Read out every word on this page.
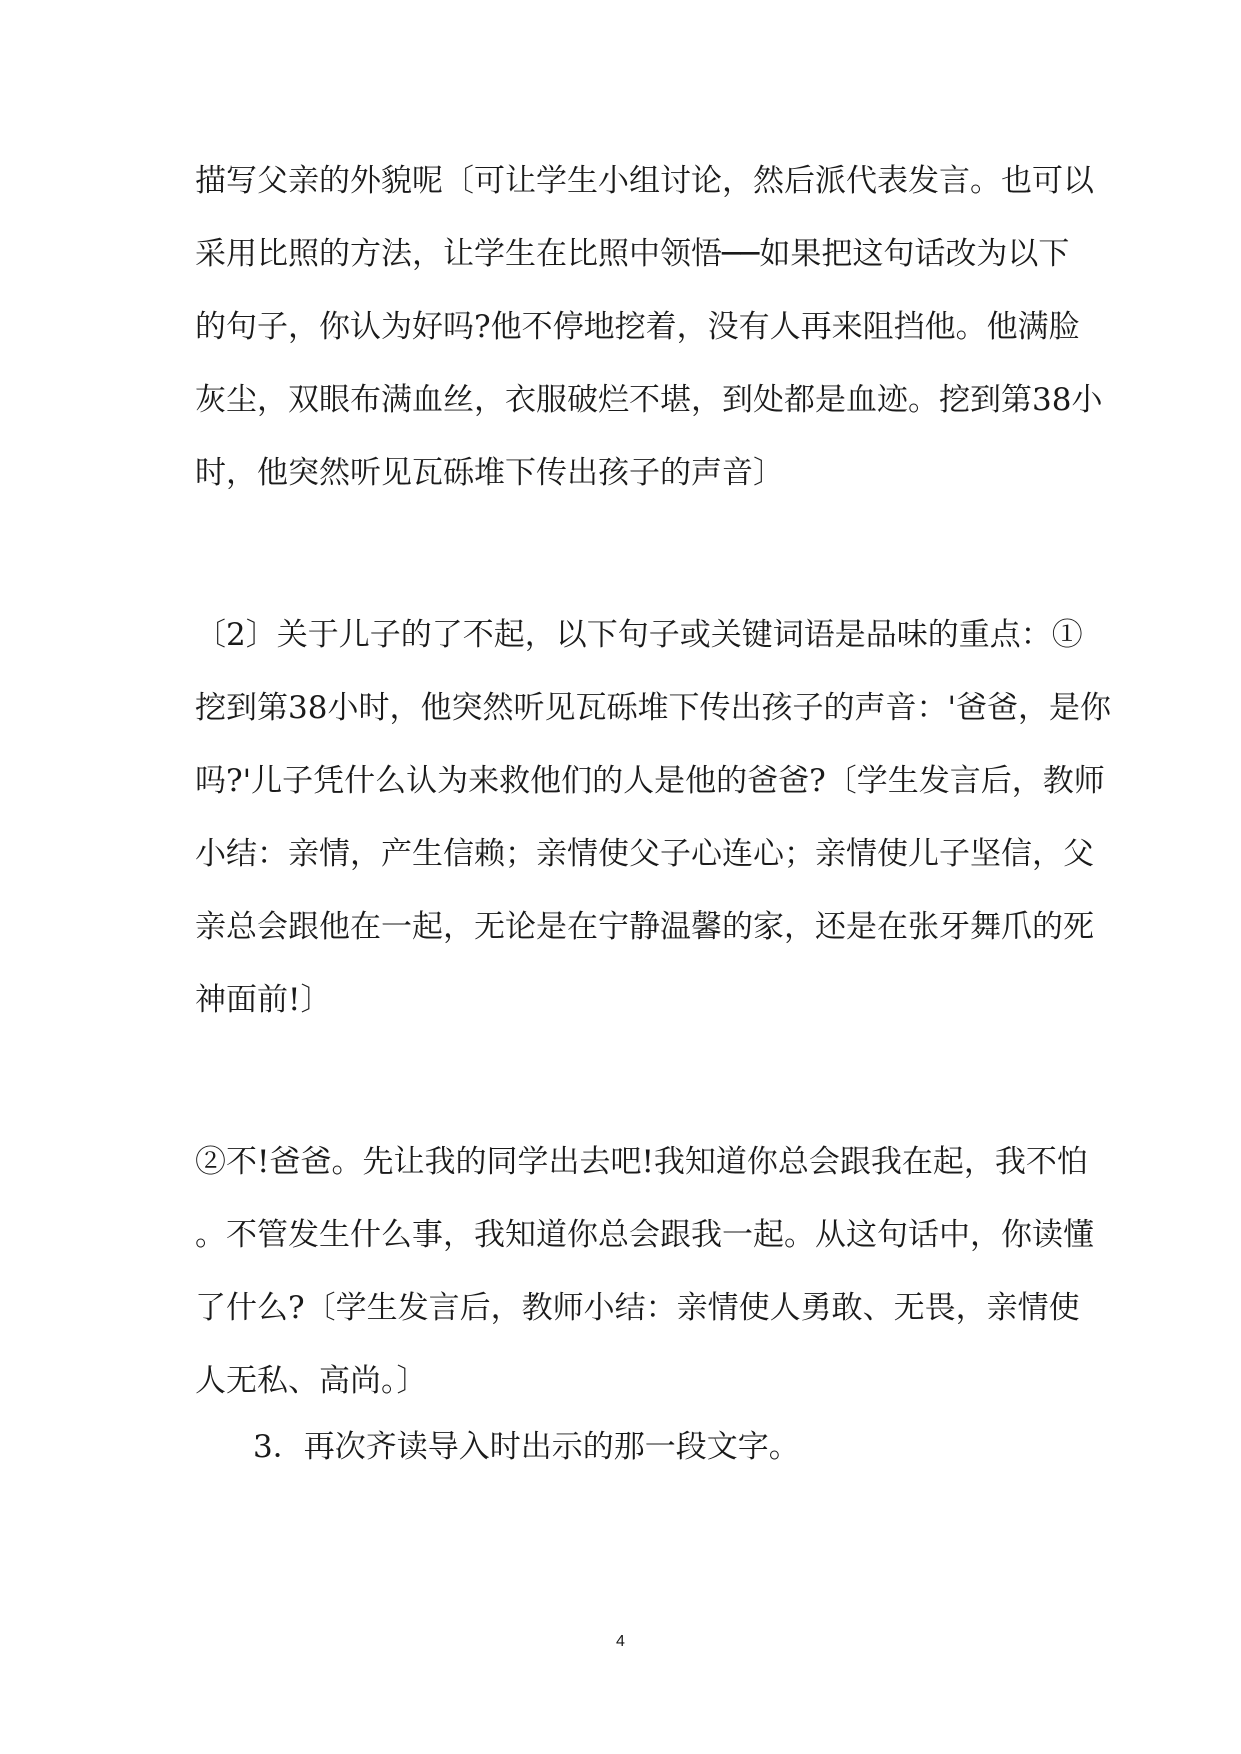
描写父亲的外貌呢〔可让学生小组讨论，然后派代表发言。也可以
采用比照的方法，让学生在比照中领悟──如果把这句话改为以下
的句子，你认为好吗?他不停地挖着，没有人再来阻挡他。他满脸
灰尘，双眼布满血丝，衣服破烂不堪，到处都是血迹。挖到第38小
时，他突然听见瓦砾堆下传出孩子的声音〕

〔2〕关于儿子的了不起，以下句子或关键词语是品味的重点：①
挖到第38小时，他突然听见瓦砾堆下传出孩子的声音：'爸爸，是你
吗?'儿子凭什么认为来救他们的人是他的爸爸?〔学生发言后，教师
小结：亲情，产生信赖；亲情使父子心连心；亲情使儿子坚信，父
亲总会跟他在一起，无论是在宁静温馨的家，还是在张牙舞爪的死
神面前!〕

②不!爸爸。先让我的同学出去吧!我知道你总会跟我在起，我不怕
。不管发生什么事，我知道你总会跟我一起。从这句话中，你读懂
了什么?〔学生发言后，教师小结：亲情使人勇敢、无畏，亲情使
人无私、高尚。〕

3．再次齐读导入时出示的那一段文字。

4
